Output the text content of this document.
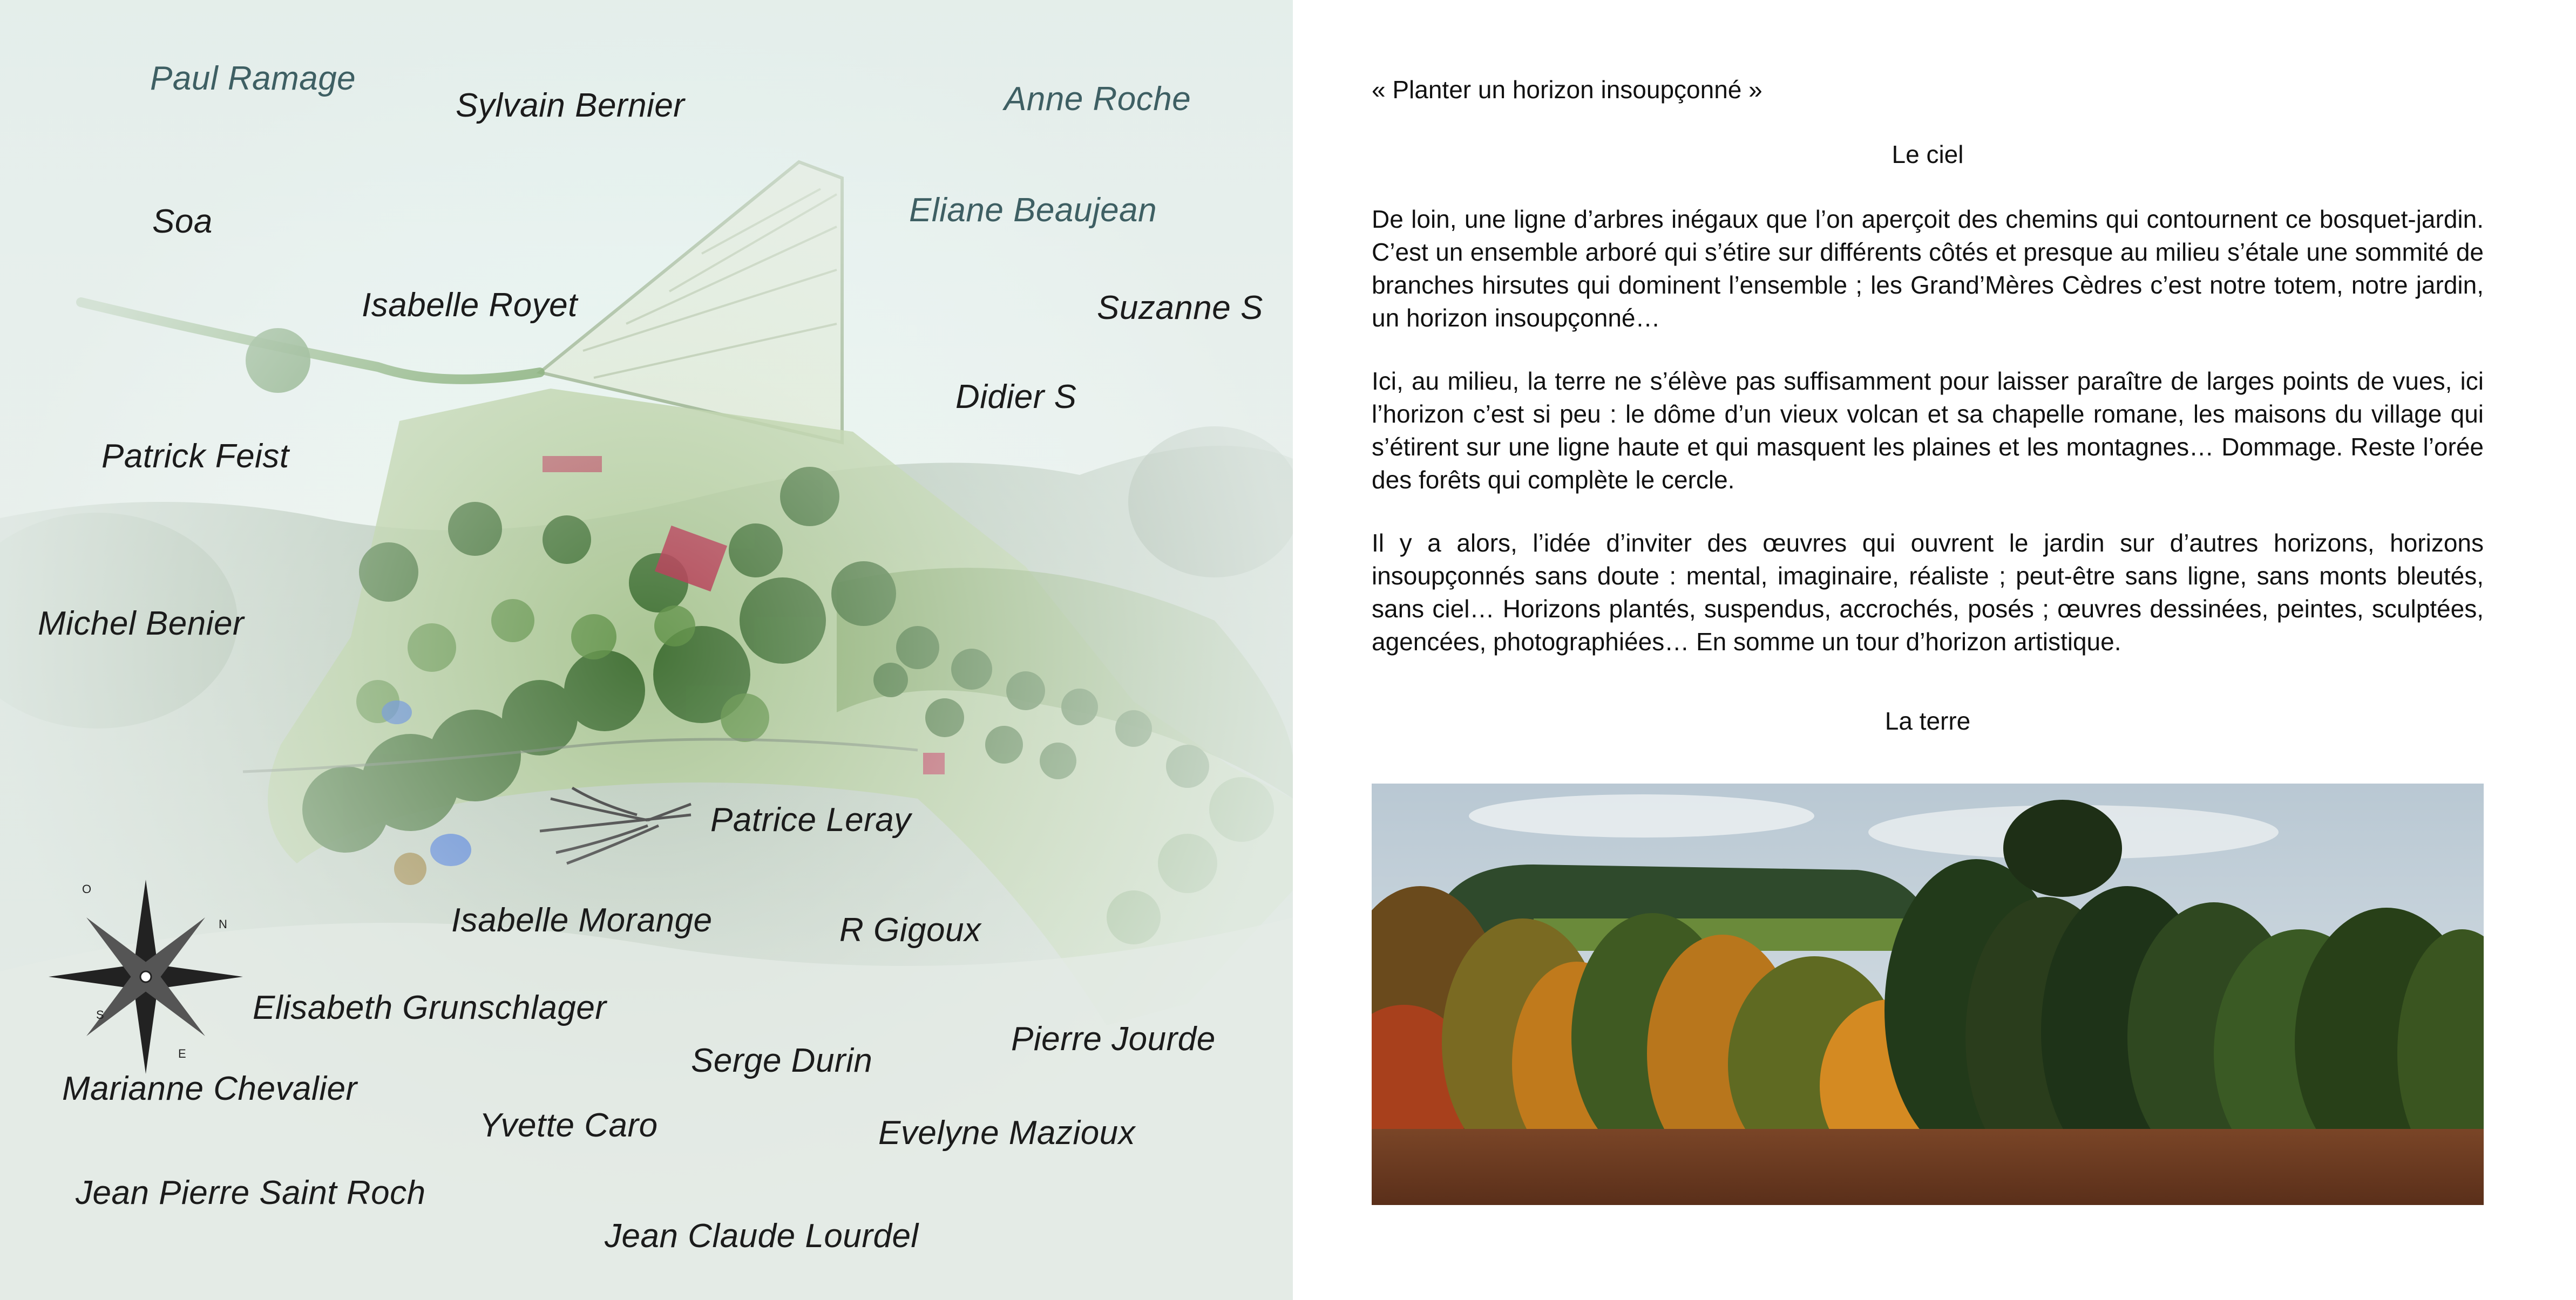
O
N
S
E
Paul Ramage
Sylvain Bernier	Anne Roche
Soa	Eliane Beaujean
Isabelle Royet	Suzanne S
Didier S
Patrick Feist
Michel Benier
Patrice Leray
Isabelle Morange	R Gigoux
Elisabeth Grunschlager
Pierre Jourde
Serge Durin
Marianne Chevalier
Yvette Caro	Evelyne Mazioux
Jean Pierre Saint Roch
Jean Claude Lourdel
« Planter un horizon insoupçonné »
Le ciel
De loin, une ligne d’arbres inégaux que l’on aperçoit des chemins qui contournent ce bosquet-jardin. C’est un ensemble arboré qui s’étire sur différents côtés et presque au milieu s’étale une sommité de branches hirsutes qui dominent l’ensemble ; les Grand’Mères Cèdres c’est notre totem, notre jardin, un horizon insoupçonné…
Ici, au milieu, la terre ne s’élève pas suffisamment pour laisser paraître de larges points de vues, ici l’horizon c’est si peu : le dôme d’un vieux volcan et sa chapelle romane, les maisons du village qui s’étirent sur une ligne haute et qui masquent les plaines et les montagnes… Dommage. Reste l’orée des forêts qui complète le cercle.
Il y a alors, l’idée d’inviter des œuvres qui ouvrent le jardin sur d’autres horizons, horizons insoupçonnés sans doute : mental, imaginaire, réaliste ; peut-être sans ligne, sans monts bleutés, sans ciel… Horizons plantés, suspendus, accrochés, posés ; œuvres dessinées, peintes, sculptées, agencées, photographiées… En somme un tour d’horizon artistique.
La terre
